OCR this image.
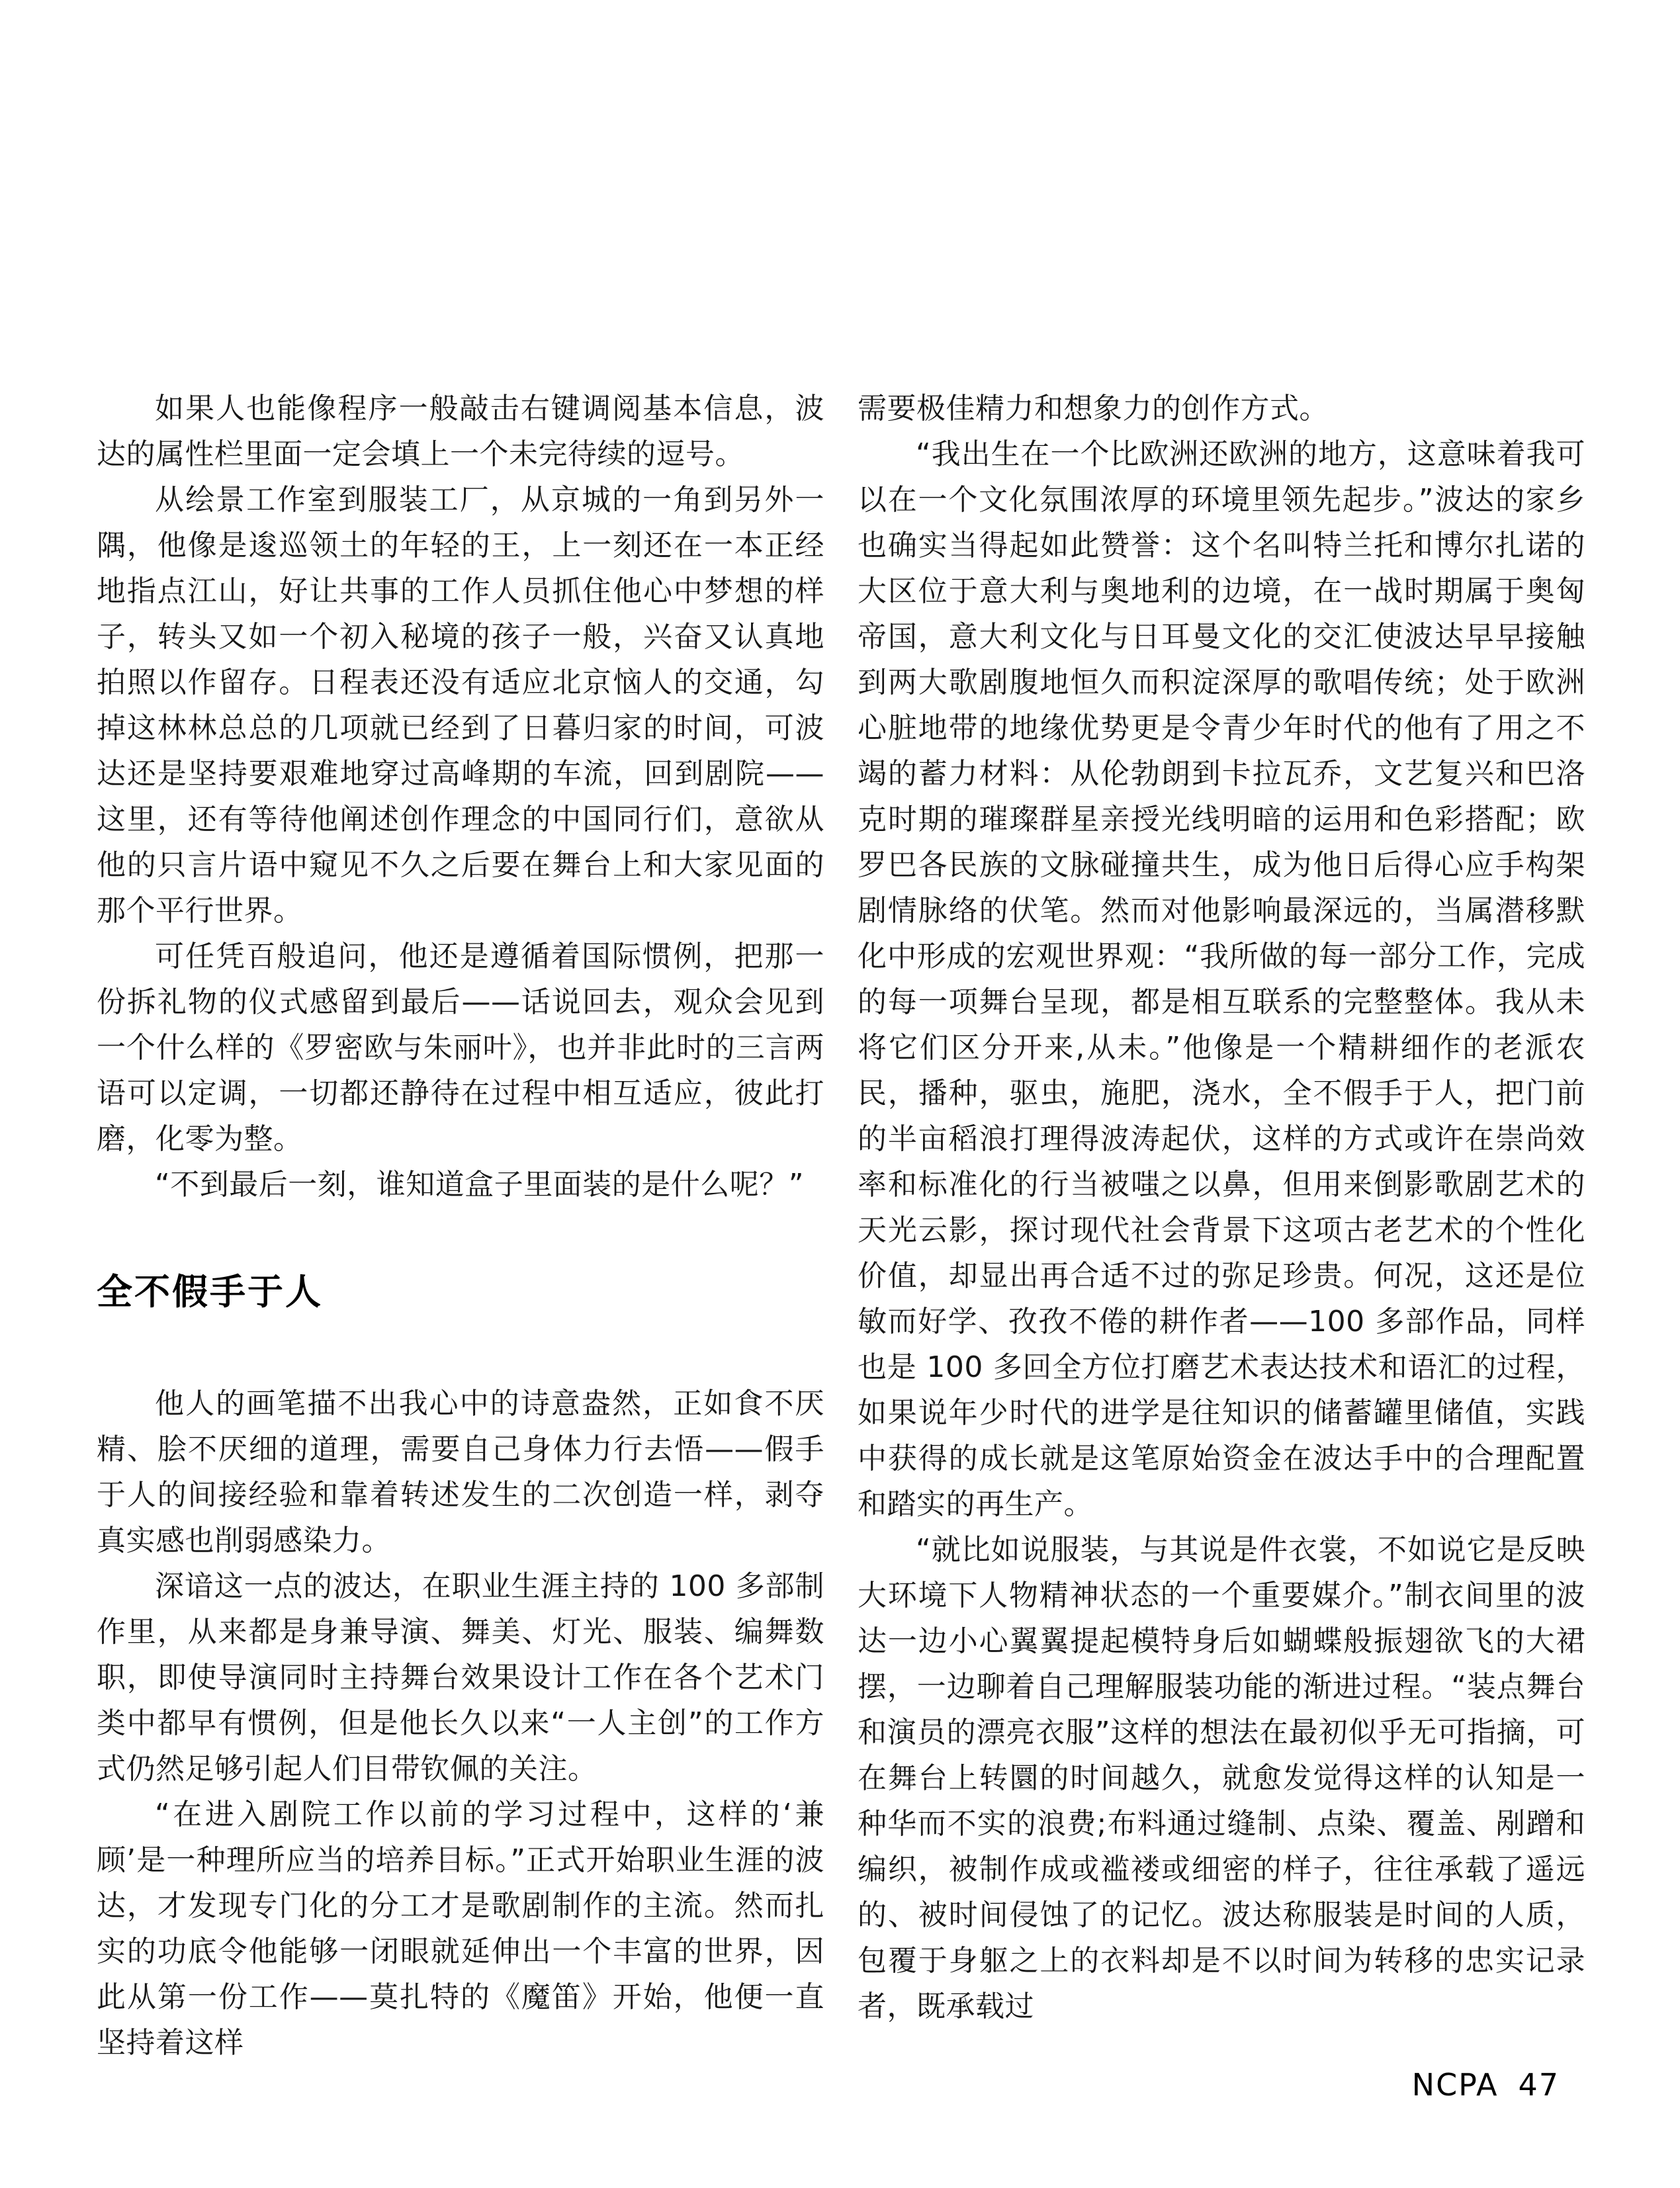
如果人也能像程序一般敲击右键调阅基本信息，波达的属性栏里面一定会填上一个未完待续的逗号。

从绘景工作室到服装工厂，从京城的一角到另外一隅，他像是逡巡领土的年轻的王，上一刻还在一本正经地指点江山，好让共事的工作人员抓住他心中梦想的样子，转头又如一个初入秘境的孩子一般，兴奋又认真地拍照以作留存。日程表还没有适应北京恼人的交通，勾掉这林林总总的几项就已经到了日暮归家的时间，可波达还是坚持要艰难地穿过高峰期的车流，回到剧院——这里，还有等待他阐述创作理念的中国同行们，意欲从他的只言片语中窥见不久之后要在舞台上和大家见面的那个平行世界。

可任凭百般追问，他还是遵循着国际惯例，把那一份拆礼物的仪式感留到最后——话说回去，观众会见到一个什么样的《罗密欧与朱丽叶》，也并非此时的三言两语可以定调，一切都还静待在过程中相互适应，彼此打磨，化零为整。

“不到最后一刻，谁知道盒子里面装的是什么呢？”

全不假手于人

他人的画笔描不出我心中的诗意盎然，正如食不厌精、脍不厌细的道理，需要自己身体力行去悟——假手于人的间接经验和靠着转述发生的二次创造一样，剥夺真实感也削弱感染力。

深谙这一点的波达，在职业生涯主持的 100 多部制作里，从来都是身兼导演、舞美、灯光、服装、编舞数职，即使导演同时主持舞台效果设计工作在各个艺术门类中都早有惯例，但是他长久以来“一人主创”的工作方式仍然足够引起人们目带钦佩的关注。

“在进入剧院工作以前的学习过程中，这样的‘兼顾’是一种理所应当的培养目标。”正式开始职业生涯的波达，才发现专门化的分工才是歌剧制作的主流。然而扎实的功底令他能够一闭眼就延伸出一个丰富的世界，因此从第一份工作——莫扎特的《魔笛》开始，他便一直坚持着这样

需要极佳精力和想象力的创作方式。

“我出生在一个比欧洲还欧洲的地方，这意味着我可以在一个文化氛围浓厚的环境里领先起步。”波达的家乡也确实当得起如此赞誉：这个名叫特兰托和博尔扎诺的大区位于意大利与奥地利的边境，在一战时期属于奥匈帝国，意大利文化与日耳曼文化的交汇使波达早早接触到两大歌剧腹地恒久而积淀深厚的歌唱传统；处于欧洲心脏地带的地缘优势更是令青少年时代的他有了用之不竭的蓄力材料：从伦勃朗到卡拉瓦乔，文艺复兴和巴洛克时期的璀璨群星亲授光线明暗的运用和色彩搭配；欧罗巴各民族的文脉碰撞共生，成为他日后得心应手构架剧情脉络的伏笔。然而对他影响最深远的，当属潜移默化中形成的宏观世界观：“我所做的每一部分工作，完成的每一项舞台呈现，都是相互联系的完整整体。我从未将它们区分开来,从未。”他像是一个精耕细作的老派农民，播种，驱虫，施肥，浇水，全不假手于人，把门前的半亩稻浪打理得波涛起伏，这样的方式或许在崇尚效率和标准化的行当被嗤之以鼻，但用来倒影歌剧艺术的天光云影，探讨现代社会背景下这项古老艺术的个性化价值，却显出再合适不过的弥足珍贵。何况，这还是位敏而好学、孜孜不倦的耕作者——100 多部作品，同样也是 100 多回全方位打磨艺术表达技术和语汇的过程，如果说年少时代的进学是往知识的储蓄罐里储值，实践中获得的成长就是这笔原始资金在波达手中的合理配置和踏实的再生产。

“就比如说服装，与其说是件衣裳，不如说它是反映大环境下人物精神状态的一个重要媒介。”制衣间里的波达一边小心翼翼提起模特身后如蝴蝶般振翅欲飞的大裙摆，一边聊着自己理解服装功能的渐进过程。“装点舞台和演员的漂亮衣服”这样的想法在最初似乎无可指摘，可在舞台上转圜的时间越久，就愈发觉得这样的认知是一种华而不实的浪费;布料通过缝制、点染、覆盖、剐蹭和编织，被制作成或褴褛或细密的样子，往往承载了遥远的、被时间侵蚀了的记忆。波达称服装是时间的人质，包覆于身躯之上的衣料却是不以时间为转移的忠实记录者，既承载过

NCPA 47
